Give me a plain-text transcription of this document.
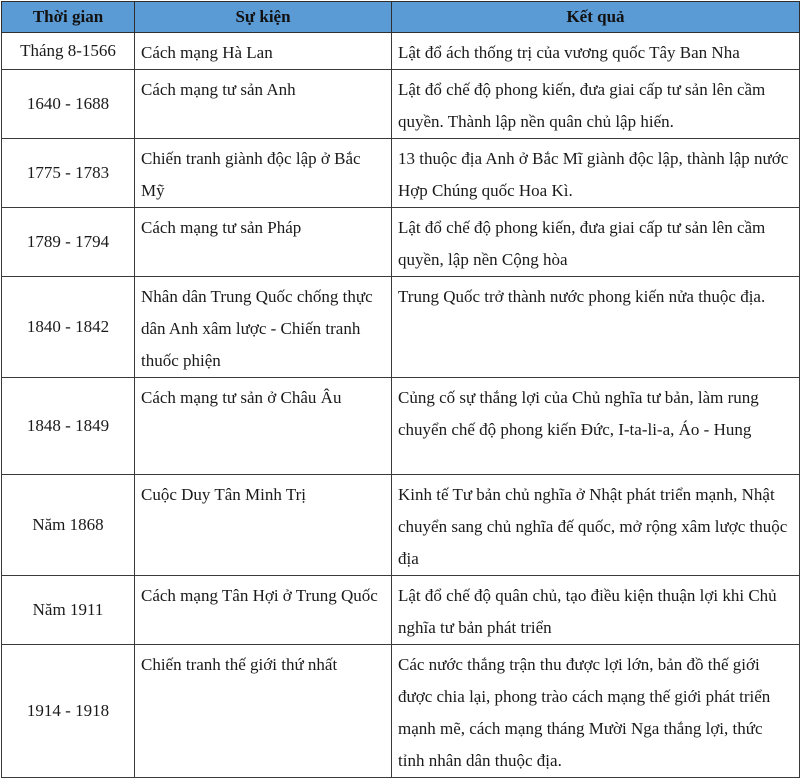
Thời gian	Sự kiện	Kết quả
Tháng 8-1566	Cách mạng Hà Lan	Lật đổ ách thống trị của vương quốc Tây Ban Nha
1640 - 1688	Cách mạng tư sản Anh	Lật đổ chế độ phong kiến, đưa giai cấp tư sản lên cầm quyền. Thành lập nền quân chủ lập hiến.
1775 - 1783	Chiến tranh giành độc lập ở Bắc Mỹ	13 thuộc địa Anh ở Bắc Mĩ giành độc lập, thành lập nước Hợp Chúng quốc Hoa Kì.
1789 - 1794	Cách mạng tư sản Pháp	Lật đổ chế độ phong kiến, đưa giai cấp tư sản lên cầm quyền, lập nền Cộng hòa
1840 - 1842	Nhân dân Trung Quốc chống thực dân Anh xâm lược - Chiến tranh thuốc phiện	Trung Quốc trở thành nước phong kiến nửa thuộc địa.
1848 - 1849	Cách mạng tư sản ở Châu Âu	Củng cố sự thắng lợi của Chủ nghĩa tư bản, làm rung chuyển chế độ phong kiến Đức, I-ta-li-a, Áo - Hung
Năm 1868	Cuộc Duy Tân Minh Trị	Kinh tế Tư bản chủ nghĩa ở Nhật phát triển mạnh, Nhật chuyển sang chủ nghĩa đế quốc, mở rộng xâm lược thuộc địa
Năm 1911	Cách mạng Tân Hợi ở Trung Quốc	Lật đổ chế độ quân chủ, tạo điều kiện thuận lợi khi Chủ nghĩa tư bản phát triển
1914 - 1918	Chiến tranh thế giới thứ nhất	Các nước thắng trận thu được lợi lớn, bản đồ thế giới được chia lại, phong trào cách mạng thế giới phát triển mạnh mẽ, cách mạng tháng Mười Nga thắng lợi, thức tỉnh nhân dân thuộc địa.
